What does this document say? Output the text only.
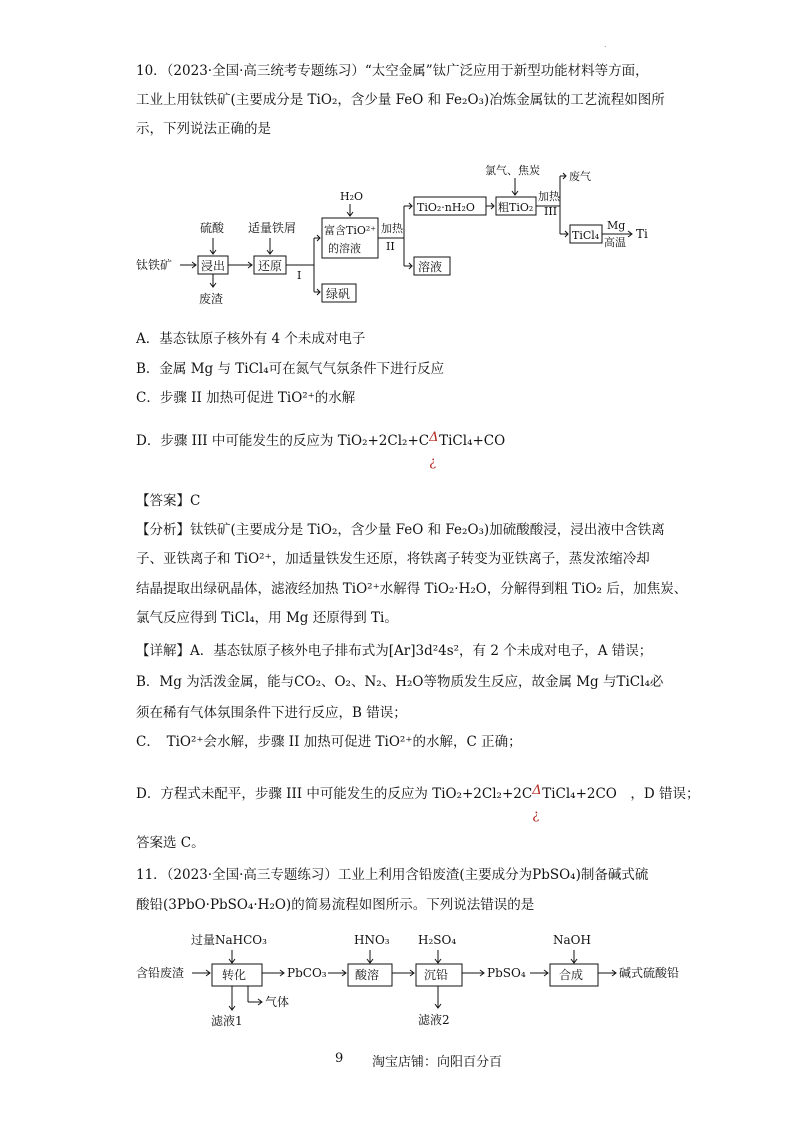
.
10．（2023·全国·高三统考专题练习）“太空金属”钛广泛应用于新型功能材料等方面，
工业上用钛铁矿(主要成分是 TiO₂，含少量 FeO 和 Fe₂O₃)冶炼金属钛的工艺流程如图所
示，下列说法正确的是
钛铁矿 浸出
硫酸
废渣
还原
适量铁屑
I
富含TiO²⁺
的溶液
H₂O
绿矾
加热
II
TiO₂·nH₂O
溶液
粗TiO₂
氯气、焦炭
加热
III
废气
TiCl₄
Mg
高温
Ti
A．基态钛原子核外有 4 个未成对电子
B．金属 Mg 与 TiCl₄可在氮气气氛条件下进行反应
C．步骤 II 加热可促进 TiO²⁺的水解
D．步骤 III 中可能发生的反应为 TiO₂+2Cl₂+C Δ
¿
TiCl₄+CO
【答案】C
【分析】钛铁矿(主要成分是 TiO₂，含少量 FeO 和 Fe₂O₃)加硫酸酸浸，浸出液中含铁离
子、亚铁离子和 TiO²⁺，加适量铁发生还原，将铁离子转变为亚铁离子，蒸发浓缩冷却
结晶提取出绿矾晶体，滤液经加热 TiO²⁺水解得 TiO₂·H₂O，分解得到粗 TiO₂ 后，加焦炭、
氯气反应得到 TiCl₄，用 Mg 还原得到 Ti。
【详解】A．基态钛原子核外电子排布式为[Ar]3d²4s²，有 2 个未成对电子，A 错误；
B．Mg 为活泼金属，能与CO₂、O₂、N₂、H₂O等物质发生反应，故金属 Mg 与TiCl₄必
须在稀有气体氛围条件下进行反应，B 错误；
C．　TiO²⁺会水解，步骤 II 加热可促进 TiO²⁺的水解，C 正确；
D．方程式未配平，步骤 III 中可能发生的反应为 TiO₂+2Cl₂+2C Δ
¿
TiCl₄+2CO　，D 错误；
答案选 C。
11．（2023·全国·高三专题练习）工业上利用含铅废渣(主要成分为PbSO₄)制备碱式硫
酸铅(3PbO·PbSO₄·H₂O)的简易流程如图所示。下列说法错误的是
过量NaHCO₃
含铅废渣	转化	PbCO₃ 酸溶
HNO₃
沉铅
H₂SO₄
PbSO₄	合成
NaOH
碱式硫酸铅
滤液1
气体
滤液2
9 淘宝店铺：向阳百分百
